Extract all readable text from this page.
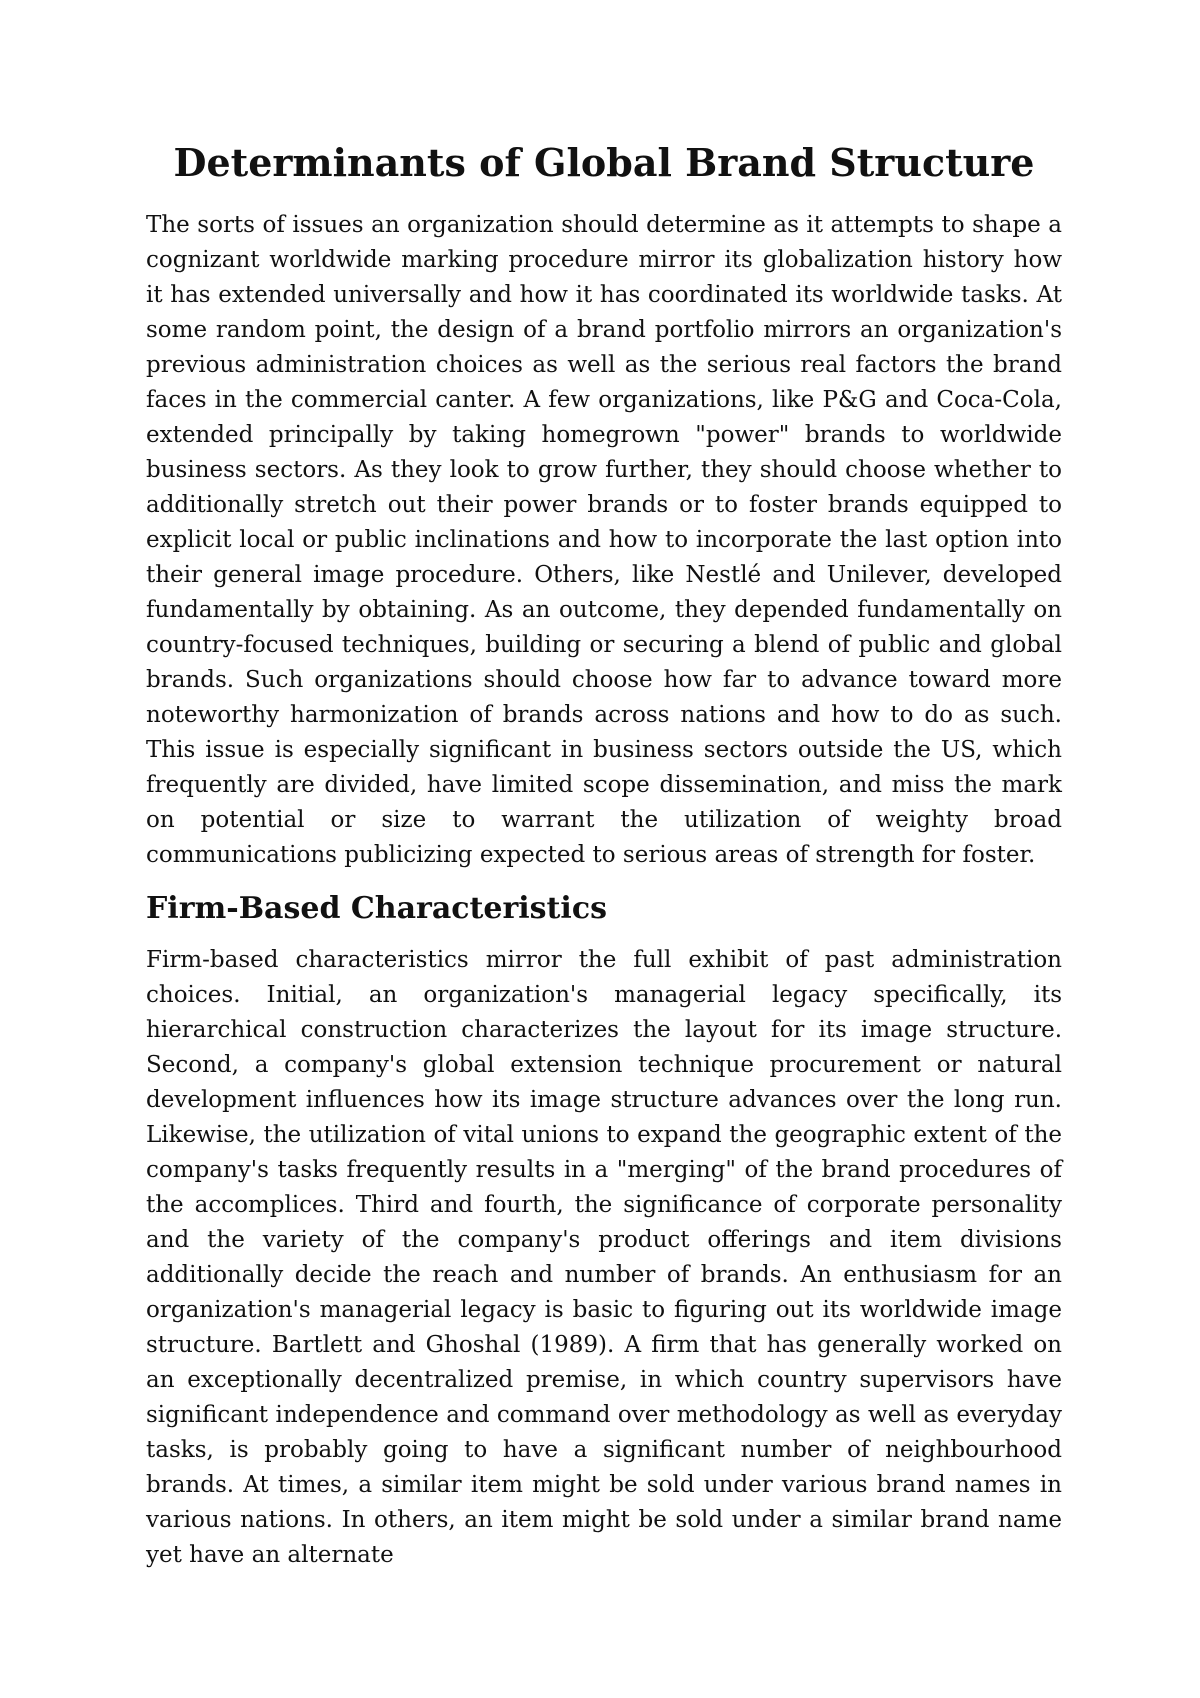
Determinants of Global Brand Structure

The sorts of issues an organization should determine as it attempts to shape a cognizant worldwide marking procedure mirror its globalization history how it has extended universally and how it has coordinated its worldwide tasks. At some random point, the design of a brand portfolio mirrors an organization's previous administration choices as well as the serious real factors the brand faces in the commercial canter. A few organizations, like P&G and Coca-Cola, extended principally by taking homegrown "power" brands to worldwide business sectors. As they look to grow further, they should choose whether to additionally stretch out their power brands or to foster brands equipped to explicit local or public inclinations and how to incorporate the last option into their general image procedure. Others, like Nestlé and Unilever, developed fundamentally by obtaining. As an outcome, they depended fundamentally on country-focused techniques, building or securing a blend of public and global brands. Such organizations should choose how far to advance toward more noteworthy harmonization of brands across nations and how to do as such. This issue is especially significant in business sectors outside the US, which frequently are divided, have limited scope dissemination, and miss the mark on potential or size to warrant the utilization of weighty broad communications publicizing expected to serious areas of strength for foster.

Firm-Based Characteristics

Firm-based characteristics mirror the full exhibit of past administration choices. Initial, an organization's managerial legacy specifically, its hierarchical construction characterizes the layout for its image structure. Second, a company's global extension technique procurement or natural development influences how its image structure advances over the long run. Likewise, the utilization of vital unions to expand the geographic extent of the company's tasks frequently results in a "merging" of the brand procedures of the accomplices. Third and fourth, the significance of corporate personality and the variety of the company's product offerings and item divisions additionally decide the reach and number of brands. An enthusiasm for an organization's managerial legacy is basic to figuring out its worldwide image structure. Bartlett and Ghoshal (1989). A firm that has generally worked on an exceptionally decentralized premise, in which country supervisors have significant independence and command over methodology as well as everyday tasks, is probably going to have a significant number of neighbourhood brands. At times, a similar item might be sold under various brand names in various nations. In others, an item might be sold under a similar brand name yet have an alternate
